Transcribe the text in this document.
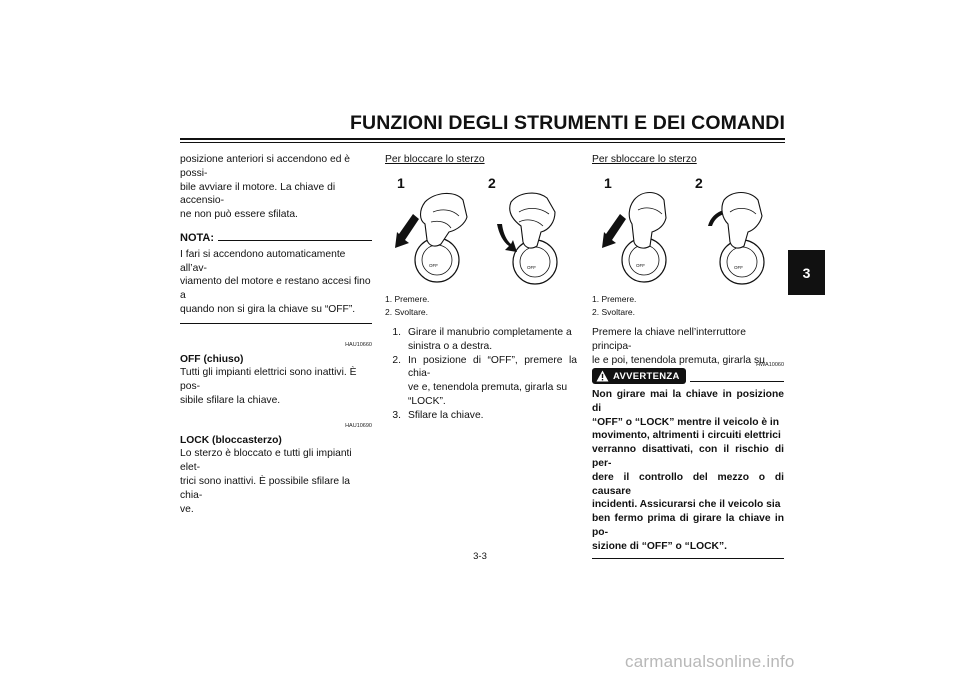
FUNZIONI DEGLI STRUMENTI E DEI COMANDI
3

posizione anteriori si accendono ed è possi-

bile avviare il motore. La chiave di accensio-

ne non può essere sfilata.

NOTA:

I fari si accendono automaticamente all’av-

viamento del motore e restano accesi fino a

quando non si gira la chiave su “OFF”.

HAU10660

OFF (chiuso)

Tutti gli impianti elettrici sono inattivi. È pos-

sibile sfilare la chiave.

HAU10690

LOCK (bloccasterzo)

Lo sterzo è bloccato e tutti gli impianti elet-

trici sono inattivi. È possibile sfilare la chia-

ve.

Per bloccare lo sterzo

1	2
OFF	OFF
1. Premere.
2. Svoltare.
1. Girare il manubrio completamente a
sinistra o a destra.
2. In posizione di “OFF”, premere la chia-
ve e, tenendola premuta, girarla su
“LOCK”.
3. Sfilare la chiave.

Per sbloccare lo sterzo

1	2
OFF	OFF
1. Premere.
2. Svoltare.

Premere la chiave nell’interruttore principa-

le e poi, tenendola premuta, girarla su

HWA10060
AVVERTENZA
Non girare mai la chiave in posizione di
“OFF” o “LOCK” mentre il veicolo è in
movimento, altrimenti i circuiti elettrici
verranno disattivati, con il rischio di per-
dere il controllo del mezzo o di causare
incidenti. Assicurarsi che il veicolo sia
ben fermo prima di girare la chiave in po-
sizione di “OFF” o “LOCK”.
3-3
carmanualsonline.info
